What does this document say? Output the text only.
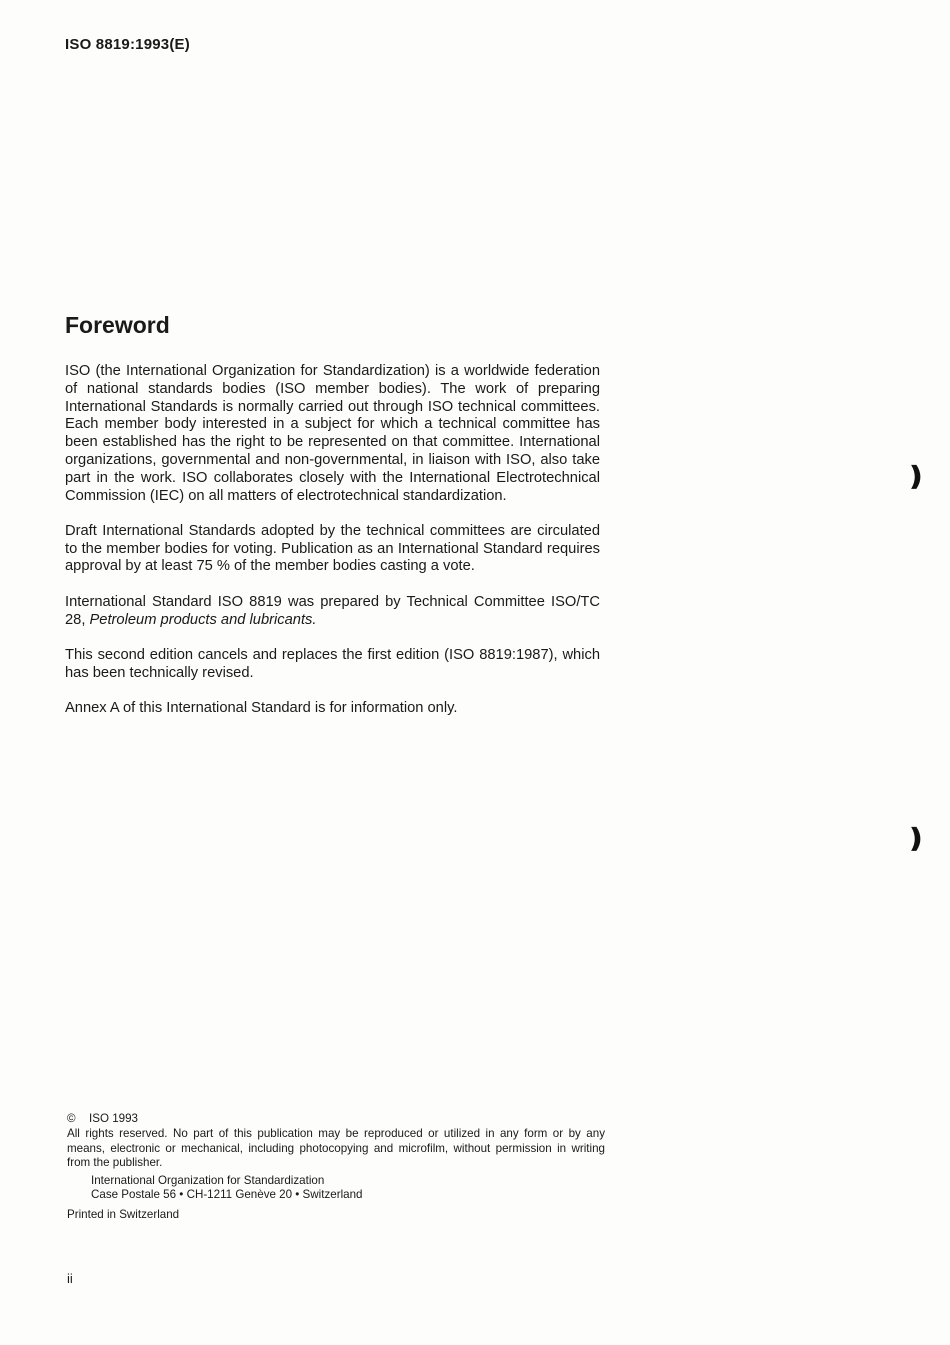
ISO 8819:1993(E)
Foreword

ISO (the International Organization for Standardization) is a worldwide federation of national standards bodies (ISO member bodies). The work of preparing International Standards is normally carried out through ISO technical committees. Each member body interested in a subject for which a technical committee has been established has the right to be represented on that committee. International organizations, governmental and non-governmental, in liaison with ISO, also take part in the work. ISO collaborates closely with the International Electrotechnical Commission (IEC) on all matters of electrotechnical standardization.

Draft International Standards adopted by the technical committees are circulated to the member bodies for voting. Publication as an International Standard requires approval by at least 75 % of the member bodies casting a vote.

International Standard ISO 8819 was prepared by Technical Committee ISO/TC 28, Petroleum products and lubricants.

This second edition cancels and replaces the first edition (ISO 8819:1987), which has been technically revised.

Annex A of this International Standard is for information only.

© ISO 1993
All rights reserved. No part of this publication may be reproduced or utilized in any form or by any means, electronic or mechanical, including photocopying and microfilm, without permission in writing from the publisher.
International Organization for Standardization
Case Postale 56 • CH-1211 Genève 20 • Switzerland
Printed in Switzerland
ii
❫
❫
